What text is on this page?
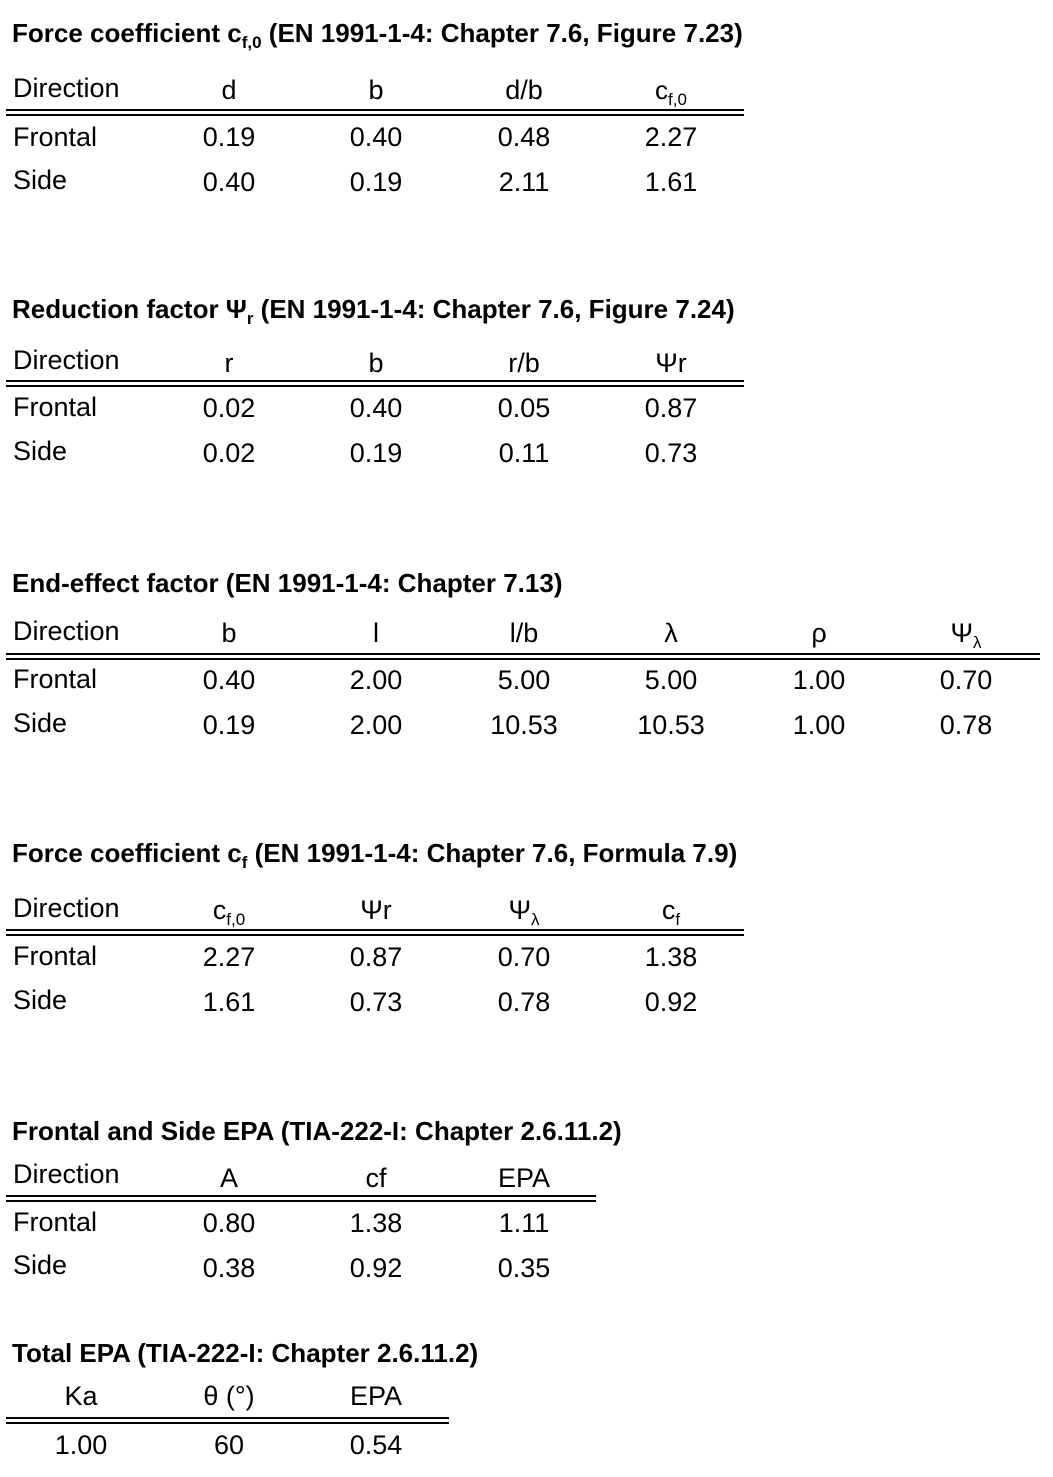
Force coefficient $c_{f,0}$ (EN 1991-1-4: Chapter 7.6, Figure 7.23)
Direction	d	b	d/b	$c_{f,0}$
Frontal	0.19	0.40	0.48	2.27
Side	0.40	0.19	2.11	1.61
Reduction factor $\Psi_r$ (EN 1991-1-4: Chapter 7.6, Figure 7.24)
Direction	r	b	r/b	Ψr
Frontal	0.02	0.40	0.05	0.87
Side	0.02	0.19	0.11	0.73
End-effect factor (EN 1991-1-4: Chapter 7.13)
Direction	b	l	l/b	λ	ρ	$\Psi_\lambda$
Frontal	0.40	2.00	5.00	5.00	1.00	0.70
Side	0.19	2.00	10.53	10.53	1.00	0.78
Force coefficient $c_f$ (EN 1991-1-4: Chapter 7.6, Formula 7.9)
Direction	$c_{f,0}$	Ψr	$\Psi_\lambda$	$c_f$
Frontal	2.27	0.87	0.70	1.38
Side	1.61	0.73	0.78	0.92
Frontal and Side EPA (TIA-222-I: Chapter 2.6.11.2)
Direction	A	cf	EPA
Frontal	0.80	1.38	1.11
Side	0.38	0.92	0.35
Total EPA (TIA-222-I: Chapter 2.6.11.2)
Ka	θ (°)	EPA
1.00	60	0.54
